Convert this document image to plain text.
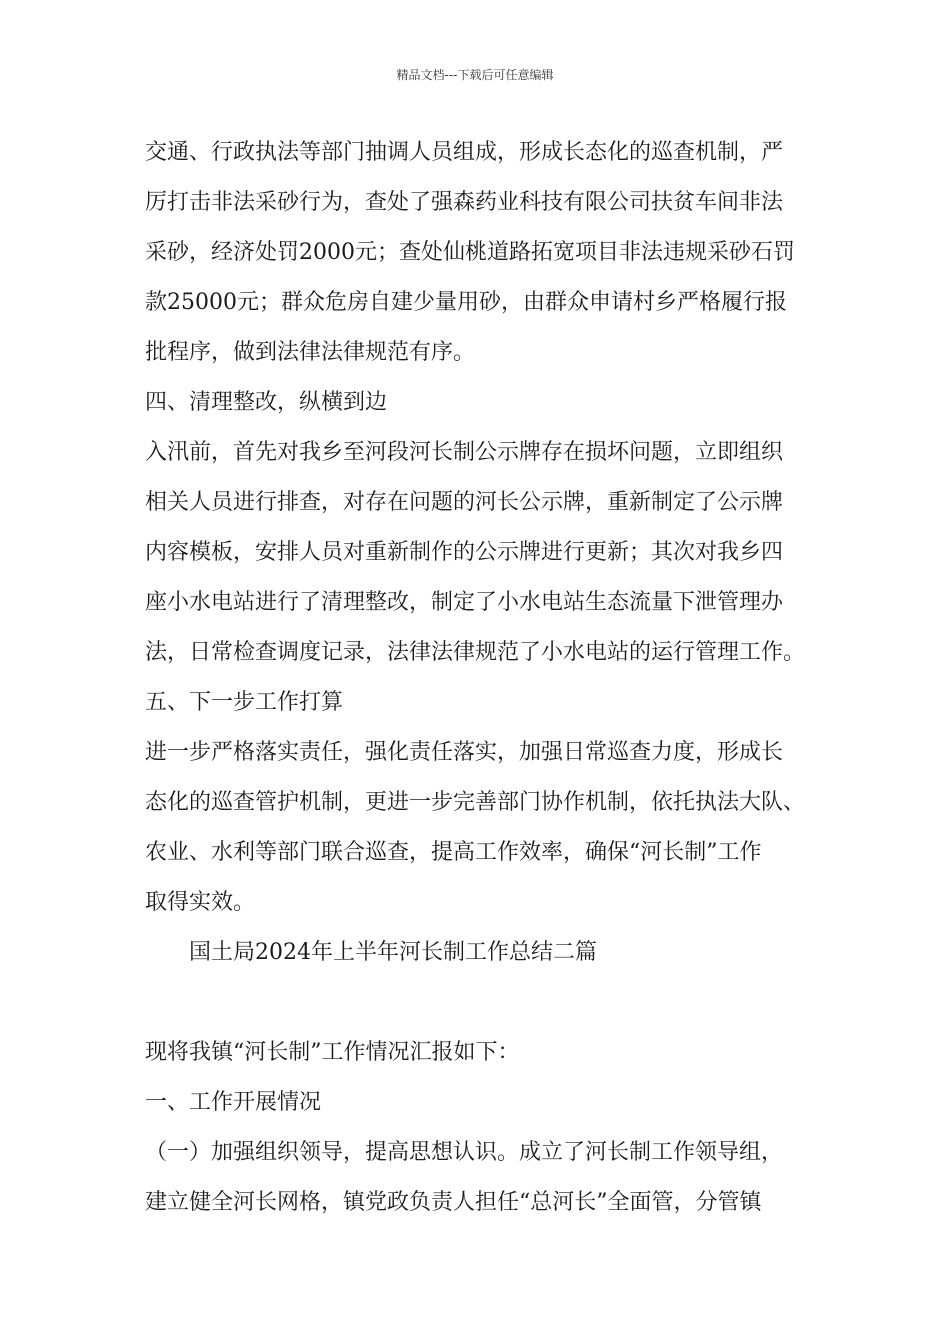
精品文档---下载后可任意编辑
交通、行政执法等部门抽调人员组成，形成长态化的巡查机制，严
厉打击非法采砂行为，查处了强森药业科技有限公司扶贫车间非法
采砂，经济处罚2000元；查处仙桃道路拓宽项目非法违规采砂石罚
款25000元；群众危房自建少量用砂，由群众申请村乡严格履行报
批程序，做到法律法律规范有序。
四、清理整改，纵横到边
入汛前，首先对我乡至河段河长制公示牌存在损坏问题，立即组织
相关人员进行排查，对存在问题的河长公示牌，重新制定了公示牌
内容模板，安排人员对重新制作的公示牌进行更新；其次对我乡四
座小水电站进行了清理整改，制定了小水电站生态流量下泄管理办
法，日常检查调度记录，法律法律规范了小水电站的运行管理工作。
五、下一步工作打算
进一步严格落实责任，强化责任落实，加强日常巡查力度，形成长
态化的巡查管护机制，更进一步完善部门协作机制，依托执法大队、
农业、水利等部门联合巡查，提高工作效率，确保“河长制”工作
取得实效。
国土局2024年上半年河长制工作总结二篇
现将我镇“河长制”工作情况汇报如下：
一、工作开展情况
（一）加强组织领导，提高思想认识。成立了河长制工作领导组，
建立健全河长网格，镇党政负责人担任“总河长”全面管，分管镇
